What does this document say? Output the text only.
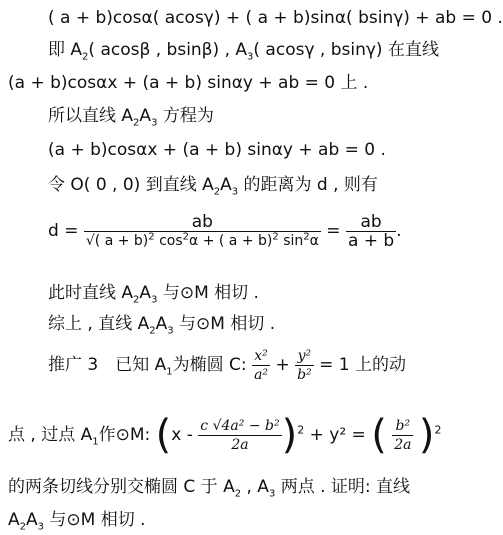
( a + b)cosα( acosγ) + ( a + b)sinα( bsinγ) + ab = 0 .
即 $A_2$( acosβ , bsinβ) , $A_3$( acosγ , bsinγ) 在直线
(a + b)cosαx + (a + b) sinαy + ab = 0 上 .
所以直线 $A_2A_3$ 方程为
(a + b)cosαx + (a + b) sinαy + ab = 0 .
令 O( 0 , 0) 到直线 $A_2A_3$ 的距离为 d , 则有
$d = \frac{ab}{√( a + b)^2 \cos^2\alpha + ( a + b)^2 \sin^2\alpha} = \frac{ab}{a + b}$ .
此时直线 $A_2A_3$ 与⊙M 相切 .
综上 , 直线 $A_2A_3$ 与⊙M 相切 .
推广 3　已知 $A_1$为椭圆 C: $\frac{\text{x²}}{\text{a²}} + \frac{\text{y²}}{\text{b²}} = 1$ 上的动
点 , 过点 $A_1$作⊙M: $(x - \frac{\text{c √4a² − b²}}{2a} )^2 + y^2$ = ( $\frac{\text{b²}}{2a} )^2$
的两条切线分别交椭圆 C 于 $A_2$ , $A_3$ 两点 . 证明: 直线
$A_2A_3$ 与⊙M 相切 .
